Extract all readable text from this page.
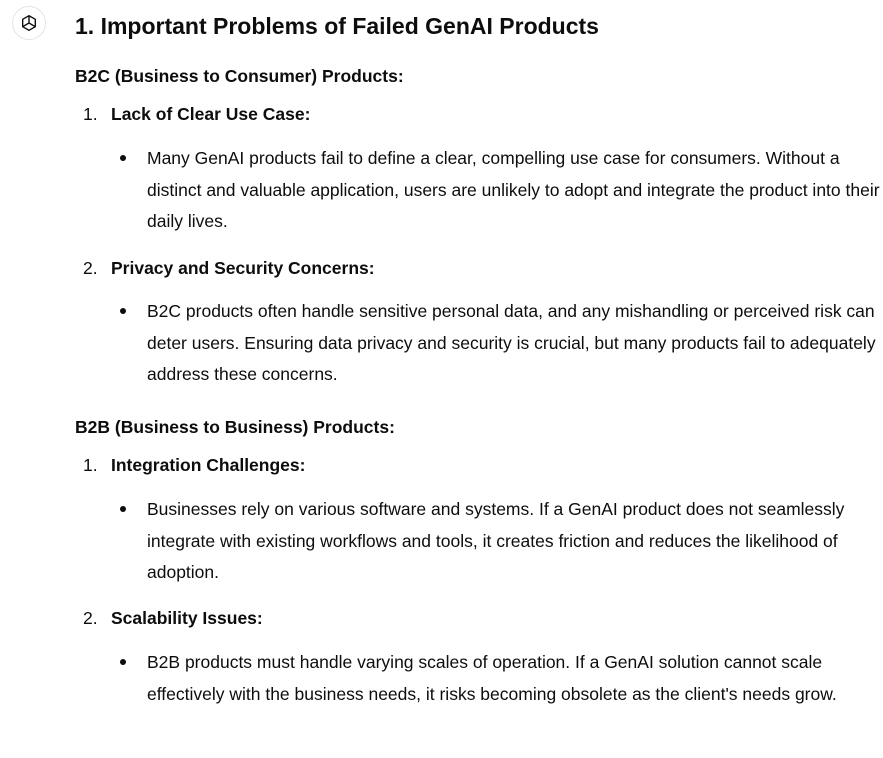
1. Important Problems of Failed GenAI Products
B2C (Business to Consumer) Products:
1. Lack of Clear Use Case:
Many GenAI products fail to define a clear, compelling use case for consumers. Without a distinct and valuable application, users are unlikely to adopt and integrate the product into their daily lives.
2. Privacy and Security Concerns:
B2C products often handle sensitive personal data, and any mishandling or perceived risk can deter users. Ensuring data privacy and security is crucial, but many products fail to adequately address these concerns.
B2B (Business to Business) Products:
1. Integration Challenges:
Businesses rely on various software and systems. If a GenAI product does not seamlessly integrate with existing workflows and tools, it creates friction and reduces the likelihood of adoption.
2. Scalability Issues:
B2B products must handle varying scales of operation. If a GenAI solution cannot scale effectively with the business needs, it risks becoming obsolete as the client's needs grow.
